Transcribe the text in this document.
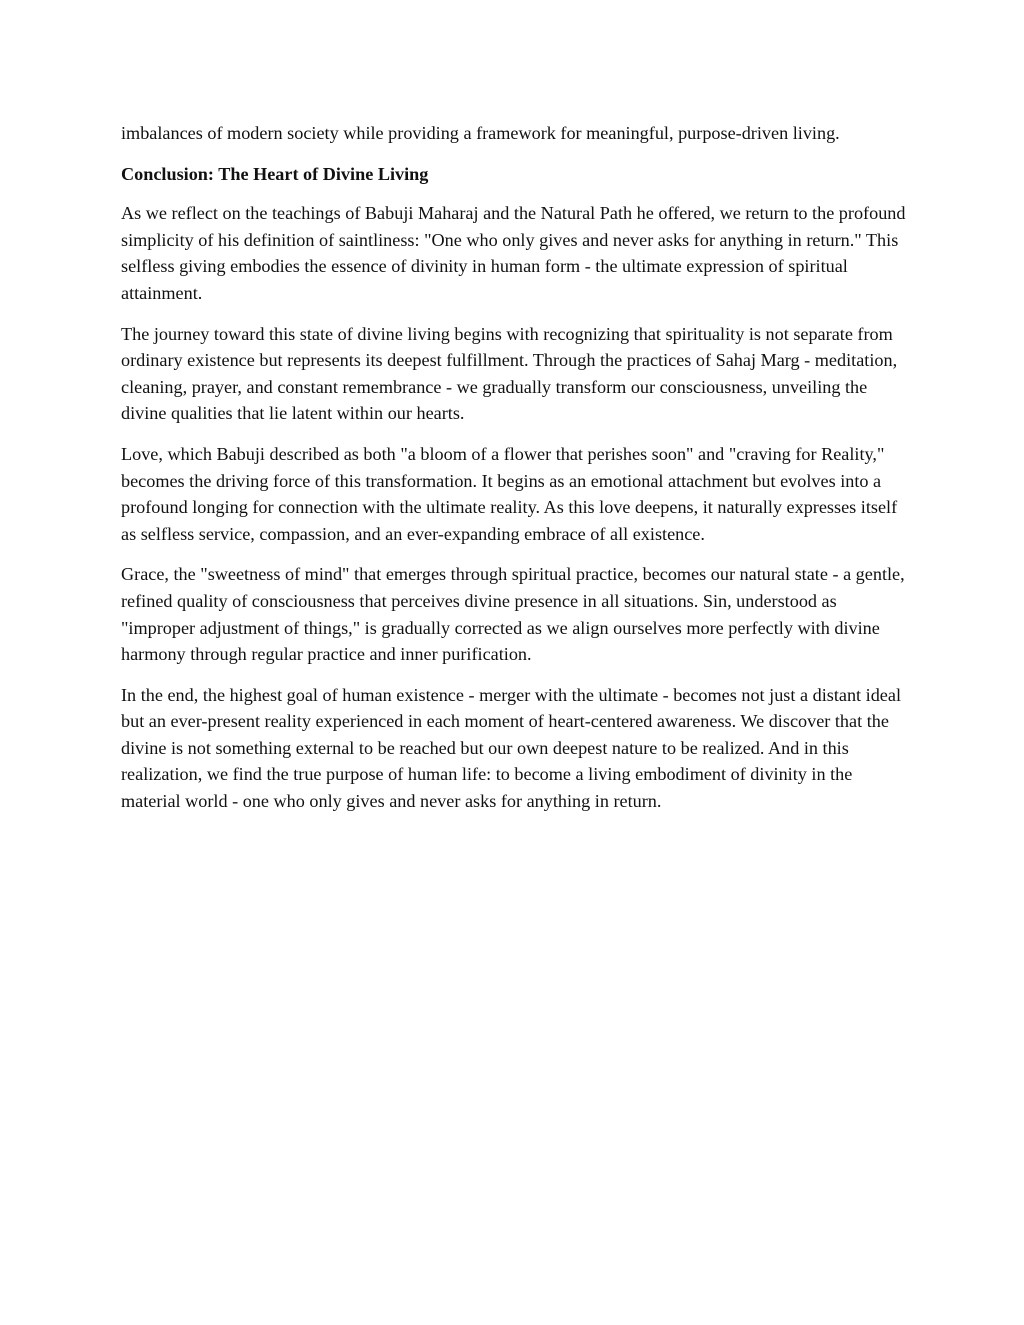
imbalances of modern society while providing a framework for meaningful, purpose-driven living.

Conclusion: The Heart of Divine Living

As we reflect on the teachings of Babuji Maharaj and the Natural Path he offered, we return to the profound simplicity of his definition of saintliness: "One who only gives and never asks for anything in return." This selfless giving embodies the essence of divinity in human form - the ultimate expression of spiritual attainment.

The journey toward this state of divine living begins with recognizing that spirituality is not separate from ordinary existence but represents its deepest fulfillment. Through the practices of Sahaj Marg - meditation, cleaning, prayer, and constant remembrance - we gradually transform our consciousness, unveiling the divine qualities that lie latent within our hearts.

Love, which Babuji described as both "a bloom of a flower that perishes soon" and "craving for Reality," becomes the driving force of this transformation. It begins as an emotional attachment but evolves into a profound longing for connection with the ultimate reality. As this love deepens, it naturally expresses itself as selfless service, compassion, and an ever-expanding embrace of all existence.

Grace, the "sweetness of mind" that emerges through spiritual practice, becomes our natural state - a gentle, refined quality of consciousness that perceives divine presence in all situations. Sin, understood as "improper adjustment of things," is gradually corrected as we align ourselves more perfectly with divine harmony through regular practice and inner purification.

In the end, the highest goal of human existence - merger with the ultimate - becomes not just a distant ideal but an ever-present reality experienced in each moment of heart-centered awareness. We discover that the divine is not something external to be reached but our own deepest nature to be realized. And in this realization, we find the true purpose of human life: to become a living embodiment of divinity in the material world - one who only gives and never asks for anything in return.
